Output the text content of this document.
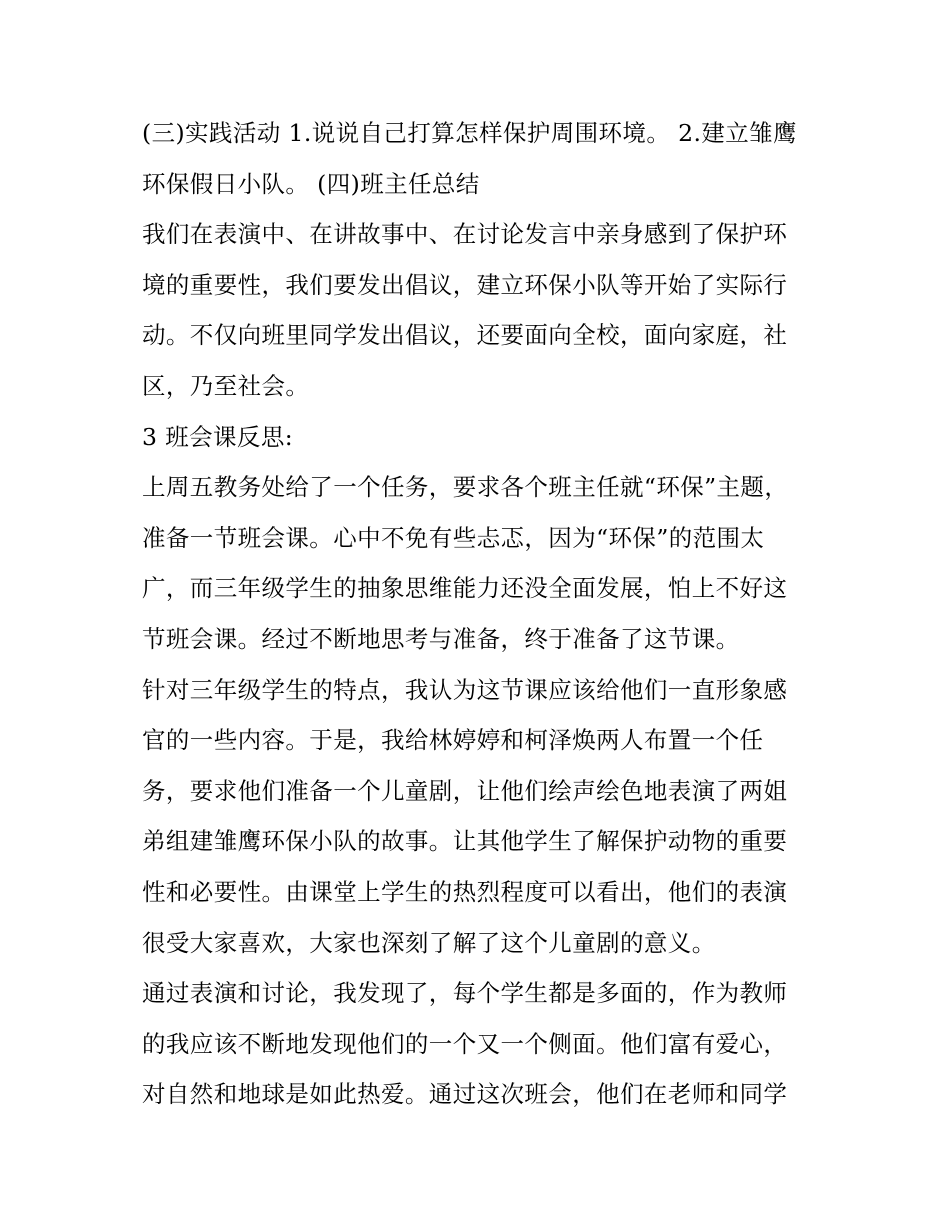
(三)实践活动 1.说说自己打算怎样保护周围环境。 2.建立雏鹰
环保假日小队。 (四)班主任总结
我们在表演中、在讲故事中、在讨论发言中亲身感到了保护环
境的重要性，我们要发出倡议，建立环保小队等开始了实际行
动。不仅向班里同学发出倡议，还要面向全校，面向家庭，社
区，乃至社会。
3 班会课反思:
上周五教务处给了一个任务，要求各个班主任就“环保”主题，
准备一节班会课。心中不免有些忐忑，因为“环保”的范围太
广，而三年级学生的抽象思维能力还没全面发展，怕上不好这
节班会课。经过不断地思考与准备，终于准备了这节课。
针对三年级学生的特点，我认为这节课应该给他们一直形象感
官的一些内容。于是，我给林婷婷和柯泽焕两人布置一个任
务，要求他们准备一个儿童剧，让他们绘声绘色地表演了两姐
弟组建雏鹰环保小队的故事。让其他学生了解保护动物的重要
性和必要性。由课堂上学生的热烈程度可以看出，他们的表演
很受大家喜欢，大家也深刻了解了这个儿童剧的意义。
通过表演和讨论，我发现了，每个学生都是多面的，作为教师
的我应该不断地发现他们的一个又一个侧面。他们富有爱心，
对自然和地球是如此热爱。通过这次班会，他们在老师和同学
